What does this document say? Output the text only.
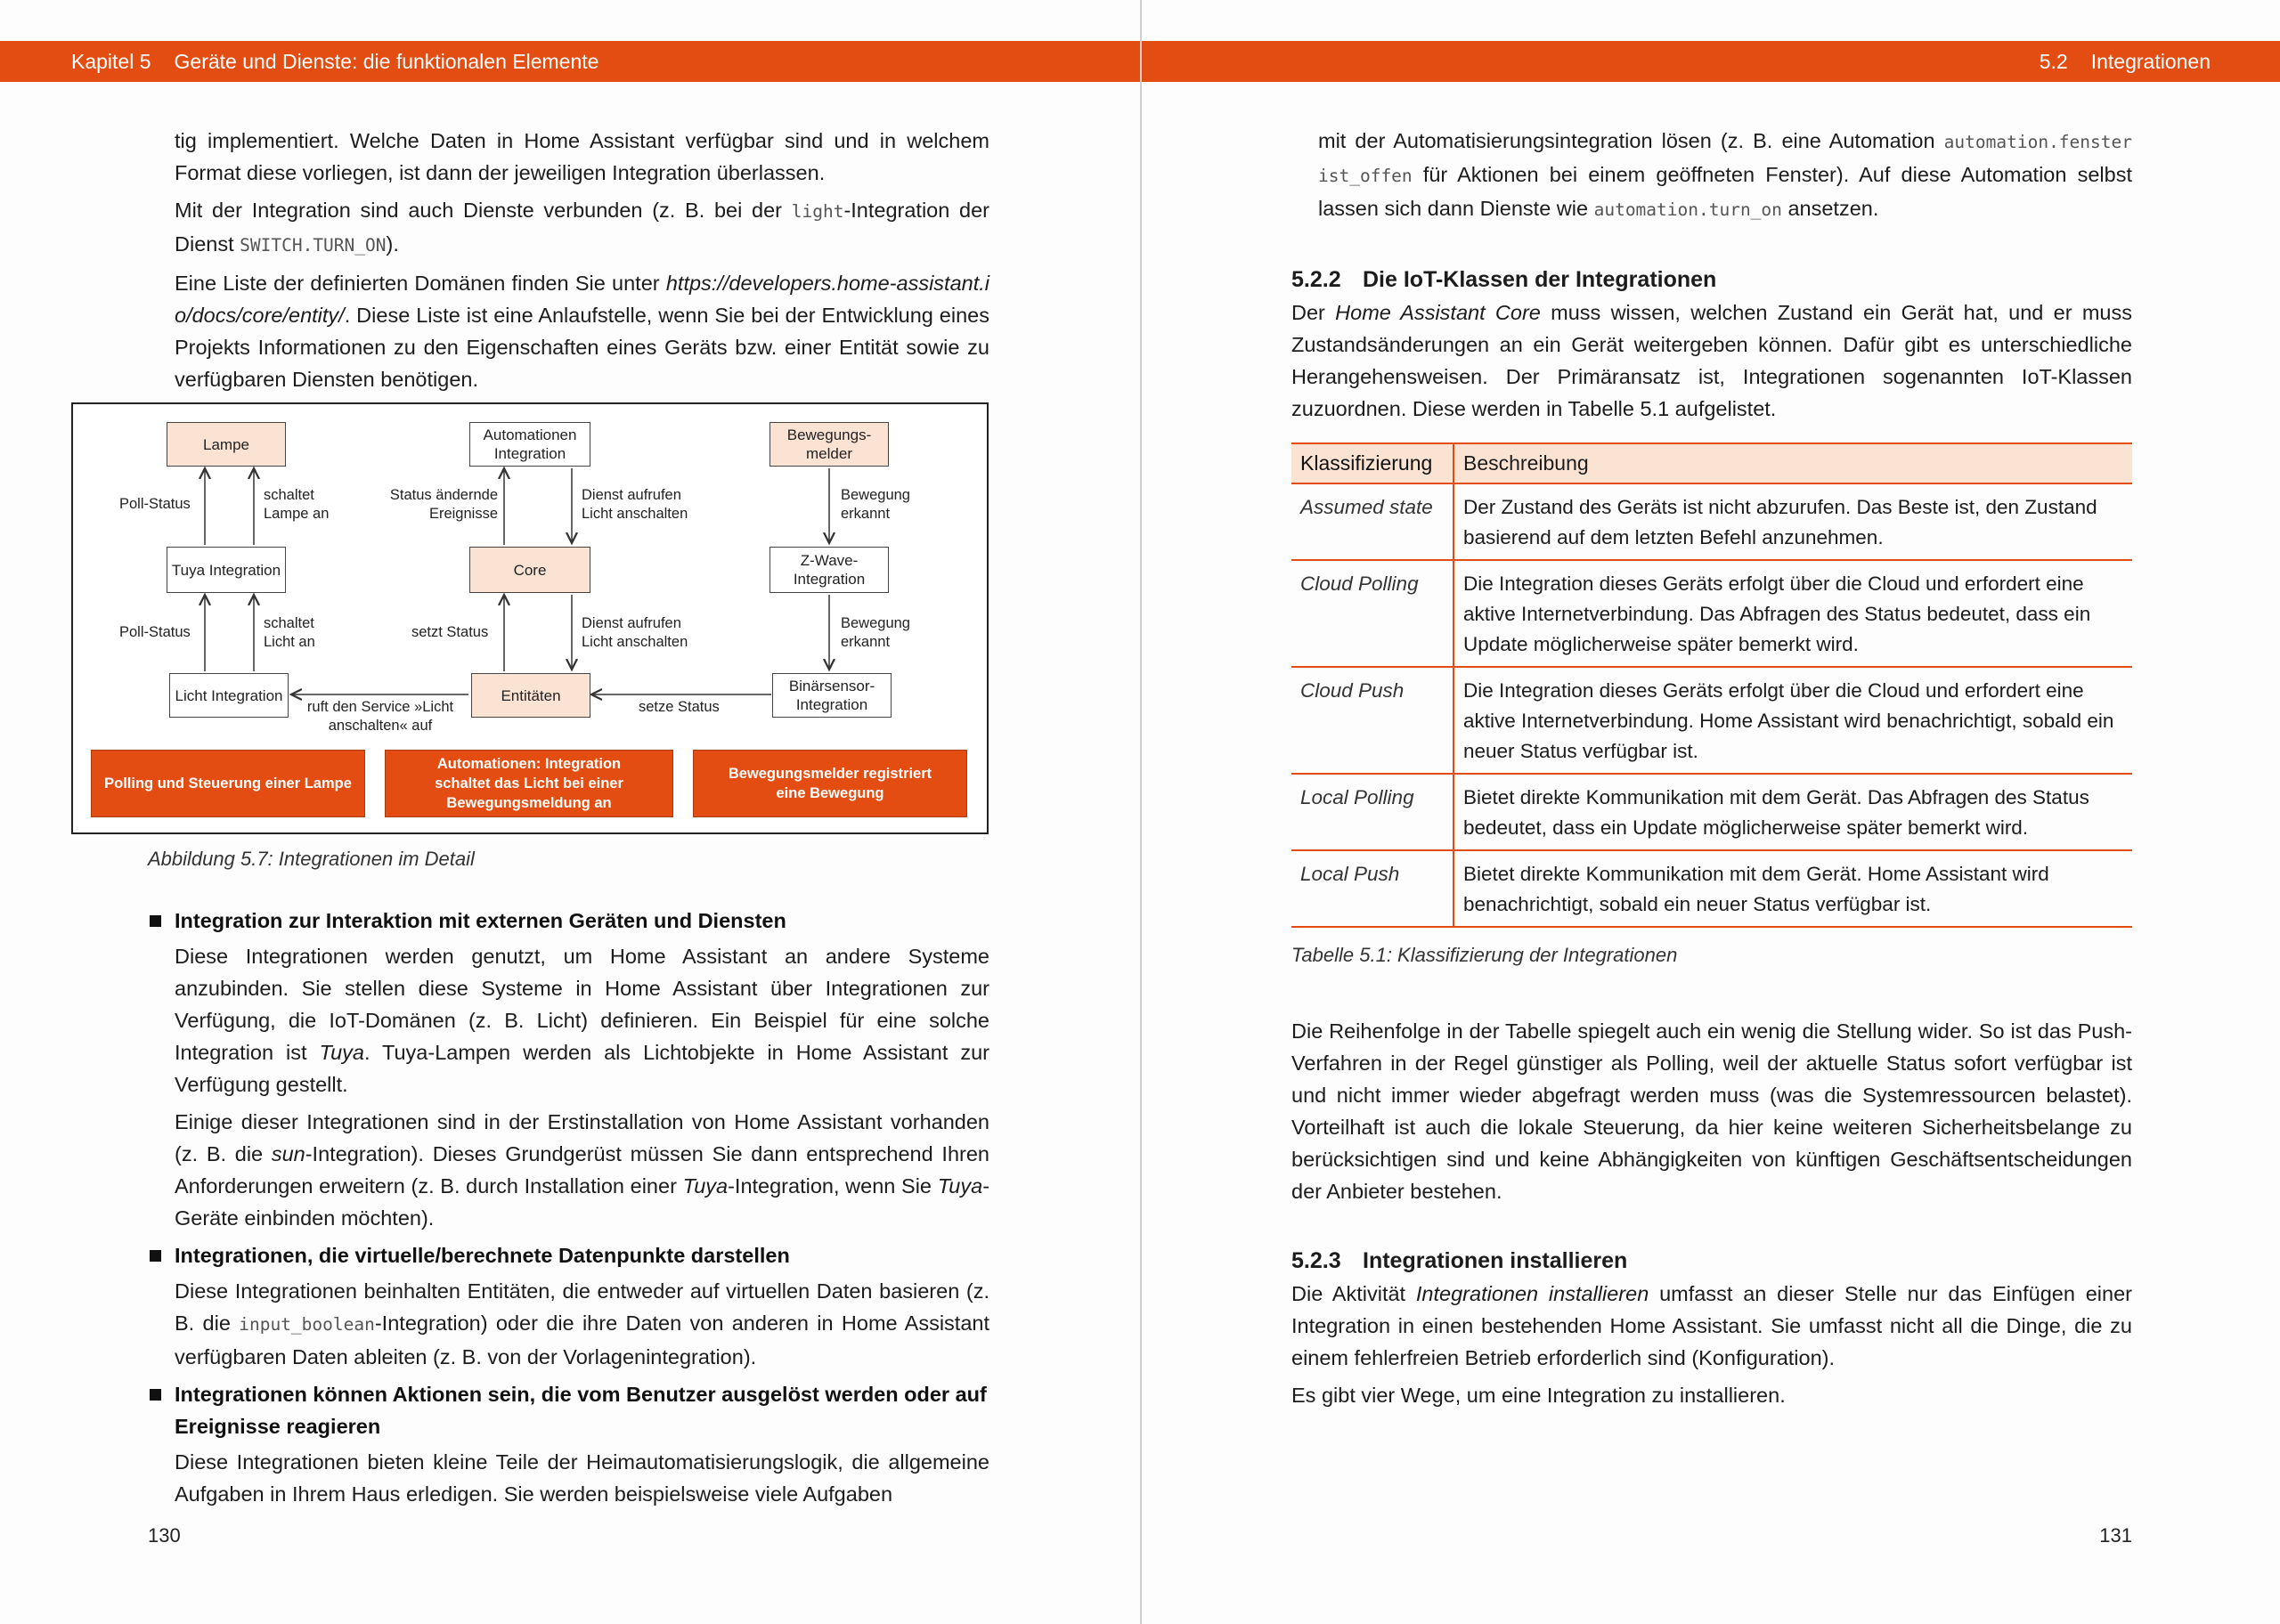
Kapitel 5 Geräte und Dienste: die funktionalen Elemente

tig implementiert. Welche Daten in Home Assistant verfügbar sind und in welchem Format diese vorliegen, ist dann der jeweiligen Integration überlassen.

Mit der Integration sind auch Dienste verbunden (z. B. bei der light-Integration der Dienst SWITCH.TURN_ON).

Eine Liste der definierten Domänen finden Sie unter https://developers.home-assistant.io/docs/core/entity/. Diese Liste ist eine Anlaufstelle, wenn Sie bei der Entwicklung eines Projekts Informationen zu den Eigenschaften eines Geräts bzw. einer Entität sowie zu verfügbaren Diensten benötigen.

Lampe
Automationen Integration
Bewegungs-melder
Tuya Integration	Core
Z-Wave-Integration
Licht Integration	Entitäten
Binärsensor-Integration
Poll-Status
schaltet Lampe an
Status ändernde Ereignisse
Dienst aufrufen Licht anschalten
Bewegung erkannt
Poll-Status
schaltet Licht an
setzt Status
Dienst aufrufen Licht anschalten
Bewegung erkannt
ruft den Service »Licht anschalten« auf
setze Status
Polling und Steuerung einer Lampe
Automationen: Integration schaltet das Licht bei einer Bewegungsmeldung an
Bewegungsmelder registriert eine Bewegung
Abbildung 5.7: Integrationen im Detail
Integration zur Interaktion mit externen Geräten und Diensten

Diese Integrationen werden genutzt, um Home Assistant an andere Systeme anzubinden. Sie stellen diese Systeme in Home Assistant über Integrationen zur Verfügung, die IoT-Domänen (z. B. Licht) definieren. Ein Beispiel für eine solche Integration ist Tuya. Tuya-Lampen werden als Lichtobjekte in Home Assistant zur Verfügung gestellt.

Einige dieser Integrationen sind in der Erstinstallation von Home Assistant vorhanden (z. B. die sun-Integration). Dieses Grundgerüst müssen Sie dann entsprechend Ihren Anforderungen erweitern (z. B. durch Installation einer Tuya-Integration, wenn Sie Tuya-Geräte einbinden möchten).

Integrationen, die virtuelle/berechnete Datenpunkte darstellen

Diese Integrationen beinhalten Entitäten, die entweder auf virtuellen Daten basieren (z. B. die input_boolean-Integration) oder die ihre Daten von anderen in Home Assistant verfügbaren Daten ableiten (z. B. von der Vorlagenintegration).

Integrationen können Aktionen sein, die vom Benutzer ausgelöst werden oder auf Ereignisse reagieren

Diese Integrationen bieten kleine Teile der Heimautomatisierungslogik, die allgemeine Aufgaben in Ihrem Haus erledigen. Sie werden beispielsweise viele Aufgaben

130
5.2 Integrationen

mit der Automatisierungsintegration lösen (z. B. eine Automation automation.fenster ist_offen für Aktionen bei einem geöffneten Fenster). Auf diese Automation selbst lassen sich dann Dienste wie automation.turn_on ansetzen.

5.2.2 Die IoT-Klassen der Integrationen

Der Home Assistant Core muss wissen, welchen Zustand ein Gerät hat, und er muss Zustandsänderungen an ein Gerät weitergeben können. Dafür gibt es unterschiedliche Herangehensweisen. Der Primäransatz ist, Integrationen sogenannten IoT-Klassen zuzuordnen. Diese werden in Tabelle 5.1 aufgelistet.

Klassifizierung	Beschreibung
Assumed state	Der Zustand des Geräts ist nicht abzurufen. Das Beste ist, den Zustand basierend auf dem letzten Befehl anzunehmen.
Cloud Polling	Die Integration dieses Geräts erfolgt über die Cloud und erfordert eine aktive Internetverbindung. Das Abfragen des Status bedeutet, dass ein Update möglicherweise später bemerkt wird.
Cloud Push	Die Integration dieses Geräts erfolgt über die Cloud und erfordert eine aktive Internetverbindung. Home Assistant wird benachrichtigt, sobald ein neuer Status verfügbar ist.
Local Polling	Bietet direkte Kommunikation mit dem Gerät. Das Abfragen des Status bedeutet, dass ein Update möglicherweise später bemerkt wird.
Local Push	Bietet direkte Kommunikation mit dem Gerät. Home Assistant wird benachrichtigt, sobald ein neuer Status verfügbar ist.
Tabelle 5.1: Klassifizierung der Integrationen

Die Reihenfolge in der Tabelle spiegelt auch ein wenig die Stellung wider. So ist das Push-Verfahren in der Regel günstiger als Polling, weil der aktuelle Status sofort verfügbar ist und nicht immer wieder abgefragt werden muss (was die Systemressourcen belastet). Vorteilhaft ist auch die lokale Steuerung, da hier keine weiteren Sicherheitsbelange zu berücksichtigen sind und keine Abhängigkeiten von künftigen Geschäftsentscheidungen der Anbieter bestehen.

5.2.3 Integrationen installieren

Die Aktivität Integrationen installieren umfasst an dieser Stelle nur das Einfügen einer Integration in einen bestehenden Home Assistant. Sie umfasst nicht all die Dinge, die zu einem fehlerfreien Betrieb erforderlich sind (Konfiguration).

Es gibt vier Wege, um eine Integration zu installieren.

131
